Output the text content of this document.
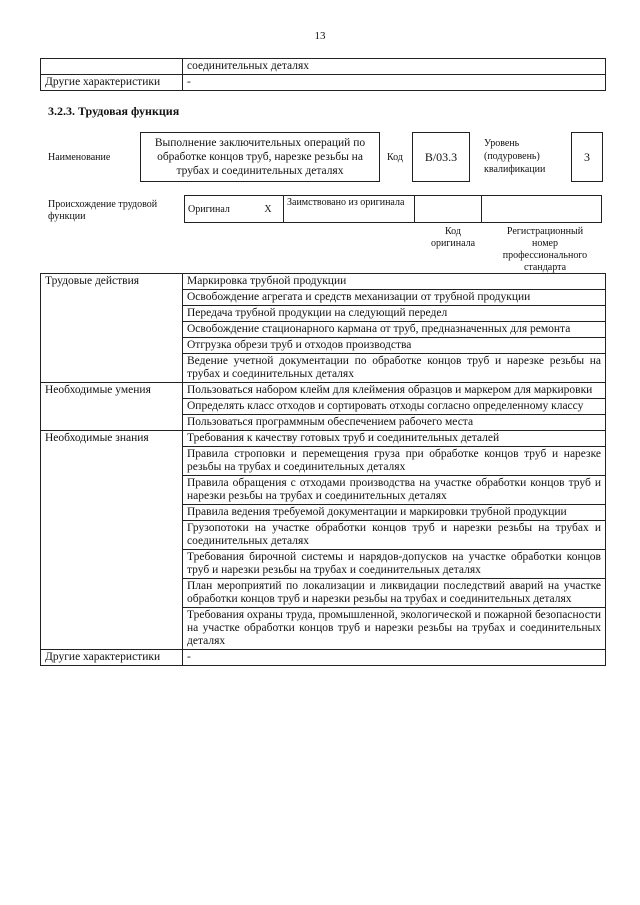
13
	соединительных деталях
Другие характеристики	-
3.2.3. Трудовая функция
Наименование
Выполнение заключительных операций по обработке концов труб, нарезке резьбы на трубах и соединительных деталях
Код	В/03.3
Уровень
(подуровень)
квалификации
3
Происхождение трудовой функции
Оригинал	X	Заимствовано из оригинала		
Код
оригинала
Регистрационный
номер
профессионального
стандарта
Трудовые действия	Маркировка трубной продукции
	Освобождение агрегата и средств механизации от трубной продукции
	Передача трубной продукции на следующий передел
	Освобождение стационарного кармана от труб, предназначенных для ремонта
	Отгрузка обрези труб и отходов производства
	Ведение учетной документации по обработке концов труб и нарезке резьбы на трубах и соединительных деталях
Необходимые умения	Пользоваться набором клейм для клеймения образцов и маркером для маркировки
	Определять класс отходов и сортировать отходы согласно определенному классу
	Пользоваться программным обеспечением рабочего места
Необходимые знания	Требования к качеству готовых труб и соединительных деталей
	Правила строповки и перемещения груза при обработке концов труб и нарезке резьбы на трубах и соединительных деталях
	Правила обращения с отходами производства на участке обработки концов труб и нарезки резьбы на трубах и соединительных деталях
	Правила ведения требуемой документации и маркировки трубной продукции
	Грузопотоки на участке обработки концов труб и нарезки резьбы на трубах и соединительных деталях
	Требования бирочной системы и нарядов-допусков на участке обработки концов труб и нарезки резьбы на трубах и соединительных деталях
	План мероприятий по локализации и ликвидации последствий аварий на участке обработки концов труб и нарезки резьбы на трубах и соединительных деталях
	Требования охраны труда, промышленной, экологической и пожарной безопасности на участке обработки концов труб и нарезки резьбы на трубах и соединительных деталях
Другие характеристики	-
